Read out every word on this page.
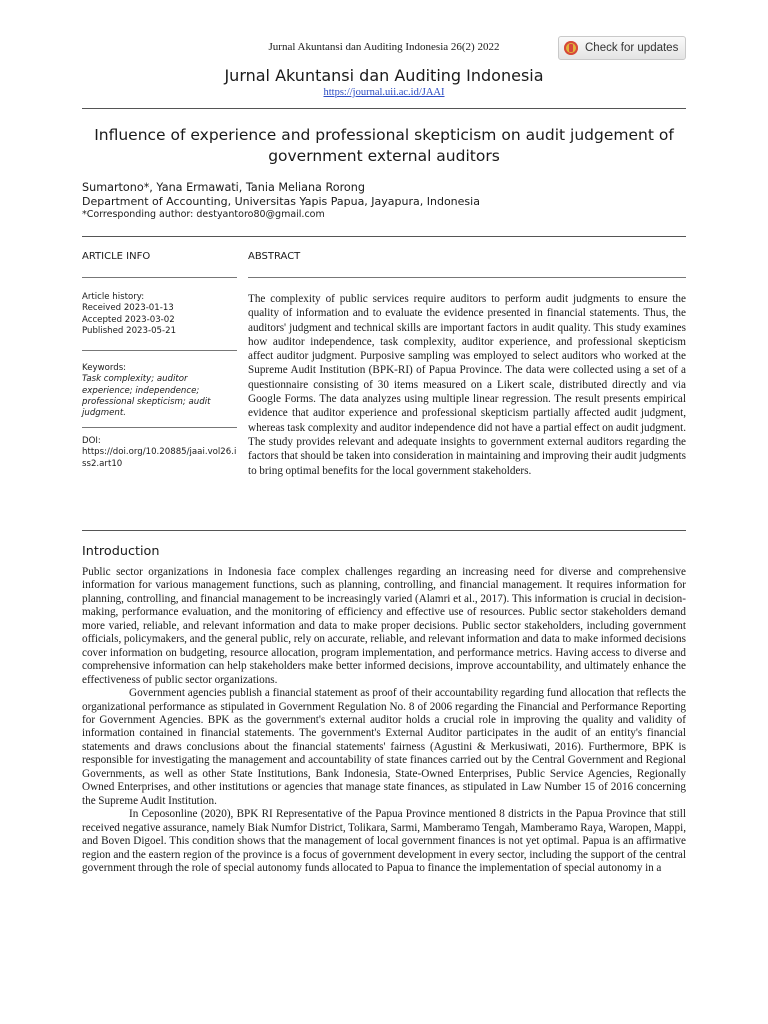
Jurnal Akuntansi dan Auditing Indonesia 26(2) 2022	Check for updates
Jurnal Akuntansi dan Auditing Indonesia
https://journal.uii.ac.id/JAAI
Influence of experience and professional skepticism on audit judgement of government external auditors
Sumartono*, Yana Ermawati, Tania Meliana Rorong
Department of Accounting, Universitas Yapis Papua, Jayapura, Indonesia
*Corresponding author: destyantoro80@gmail.com
ARTICLE INFO	ABSTRACT
Article history:
Received 2023-01-13
Accepted 2023-03-02
Published 2023-05-21
Keywords:
Task complexity; auditor experience; independence; professional skepticism; audit judgment.
DOI:
https://doi.org/10.20885/jaai.vol26.iss2.art10
The complexity of public services require auditors to perform audit judgments to ensure the quality of information and to evaluate the evidence presented in financial statements. Thus, the auditors' judgment and technical skills are important factors in audit quality. This study examines how auditor independence, task complexity, auditor experience, and professional skepticism affect auditor judgment. Purposive sampling was employed to select auditors who worked at the Supreme Audit Institution (BPK-RI) of Papua Province. The data were collected using a set of a questionnaire consisting of 30 items measured on a Likert scale, distributed directly and via Google Forms. The data analyzes using multiple linear regression. The result presents empirical evidence that auditor experience and professional skepticism partially affected audit judgment, whereas task complexity and auditor independence did not have a partial effect on audit judgment. The study provides relevant and adequate insights to government external auditors regarding the factors that should be taken into consideration in maintaining and improving their audit judgments to bring optimal benefits for the local government stakeholders.
Introduction

Public sector organizations in Indonesia face complex challenges regarding an increasing need for diverse and comprehensive information for various management functions, such as planning, controlling, and financial management. It requires information for planning, controlling, and financial management to be increasingly varied (Alamri et al., 2017). This information is crucial in decision-making, performance evaluation, and the monitoring of efficiency and effective use of resources. Public sector stakeholders demand more varied, reliable, and relevant information and data to make proper decisions. Public sector stakeholders, including government officials, policymakers, and the general public, rely on accurate, reliable, and relevant information and data to make informed decisions cover information on budgeting, resource allocation, program implementation, and performance metrics. Having access to diverse and comprehensive information can help stakeholders make better informed decisions, improve accountability, and ultimately enhance the effectiveness of public sector organizations.

Government agencies publish a financial statement as proof of their accountability regarding fund allocation that reflects the organizational performance as stipulated in Government Regulation No. 8 of 2006 regarding the Financial and Performance Reporting for Government Agencies. BPK as the government's external auditor holds a crucial role in improving the quality and validity of information contained in financial statements. The government's External Auditor participates in the audit of an entity's financial statements and draws conclusions about the financial statements' fairness (Agustini & Merkusiwati, 2016). Furthermore, BPK is responsible for investigating the management and accountability of state finances carried out by the Central Government and Regional Governments, as well as other State Institutions, Bank Indonesia, State-Owned Enterprises, Public Service Agencies, Regionally Owned Enterprises, and other institutions or agencies that manage state finances, as stipulated in Law Number 15 of 2016 concerning the Supreme Audit Institution.

In Ceposonline (2020), BPK RI Representative of the Papua Province mentioned 8 districts in the Papua Province that still received negative assurance, namely Biak Numfor District, Tolikara, Sarmi, Mamberamo Tengah, Mamberamo Raya, Waropen, Mappi, and Boven Digoel. This condition shows that the management of local government finances is not yet optimal. Papua is an affirmative region and the eastern region of the province is a focus of government development in every sector, including the support of the central government through the role of special autonomy funds allocated to Papua to finance the implementation of special autonomy in a
